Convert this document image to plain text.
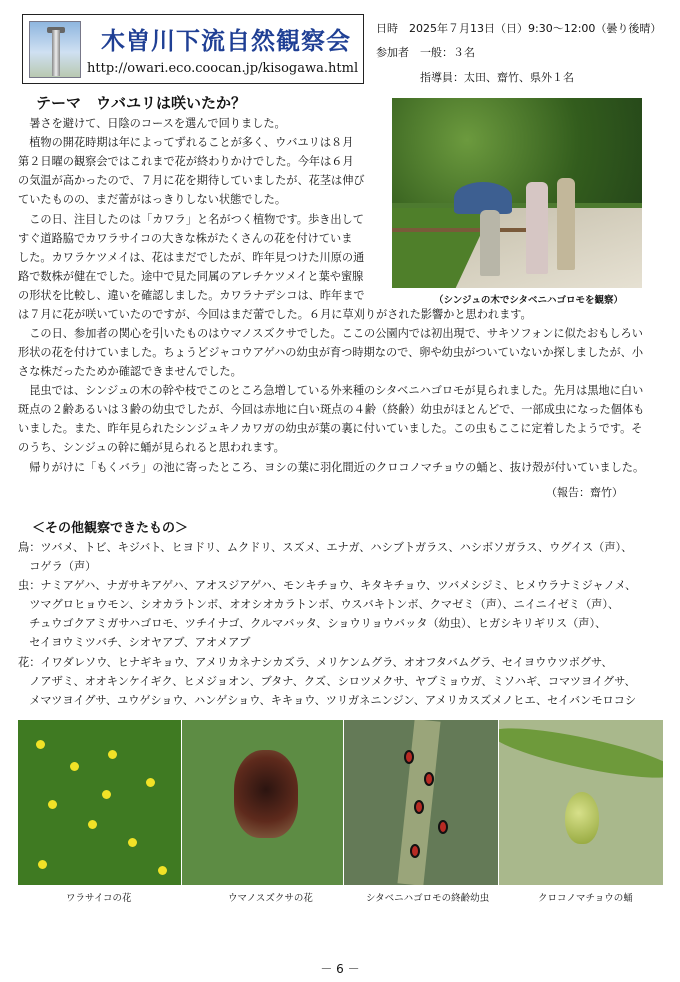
木曽川下流自然観察会
http://owari.eco.coocan.jp/kisogawa.html
日時　2025年７月13日（日）9:30～12:00（曇り後晴）
参加者　一般：３名
指導員：太田、齋竹、県外１名
テーマ　ウバユリは咲いたか？
（シンジュの木でシタベニハゴロモを観察）
　暑さを避けて、日陰のコースを選んで回りました。
　植物の開花時期は年によってずれることが多く、ウバユリは８月
第２日曜の観察会ではこれまで花が終わりかけでした。今年は６月
の気温が高かったので、７月に花を期待していましたが、花茎は伸び
ていたものの、まだ蕾がはっきりしない状態でした。
　この日、注目したのは「カワラ」と名がつく植物です。歩き出して
すぐ道路脇でカワラサイコの大きな株がたくさんの花を付けていま
した。カワラケツメイは、花はまだでしたが、昨年見つけた川原の通
路で数株が健在でした。途中で見た同属のアレチケツメイと葉や蜜腺
の形状を比較し、違いを確認しました。カワラナデシコは、昨年まで
は７月に花が咲いていたのですが、今回はまだ蕾でした。６月に草刈りがされた影響かと思われます。
　この日、参加者の関心を引いたものはウマノスズクサでした。ここの公園内では初出現で、サキソフォンに似たおもしろい
形状の花を付けていました。ちょうどジャコウアゲハの幼虫が育つ時期なので、卵や幼虫がついていないか探しましたが、小
さな株だったためか確認できませんでした。
　昆虫では、シンジュの木の幹や枝でこのところ急増している外来種のシタベニハゴロモが見られました。先月は黒地に白い
斑点の２齢あるいは３齢の幼虫でしたが、今回は赤地に白い斑点の４齢（終齢）幼虫がほとんどで、一部成虫になった個体も
いました。また、昨年見られたシンジュキノカワガの幼虫が葉の裏に付いていました。この虫もここに定着したようです。そ
のうち、シンジュの幹に蛹が見られると思われます。
　帰りがけに「もくバラ」の池に寄ったところ、ヨシの葉に羽化間近のクロコノマチョウの蛹と、抜け殻が付いていました。
（報告：齋竹）
＜その他観察できたもの＞
鳥：ツバメ、トビ、キジバト、ヒヨドリ、ムクドリ、スズメ、エナガ、ハシブトガラス、ハシボソガラス、ウグイス（声）、
　コゲラ（声）
虫：ナミアゲハ、ナガサキアゲハ、アオスジアゲハ、モンキチョウ、キタキチョウ、ツバメシジミ、ヒメウラナミジャノメ、
　ツマグロヒョウモン、シオカラトンボ、オオシオカラトンボ、ウスバキトンボ、クマゼミ（声）、ニイニイゼミ（声）、
　チュウゴクアミガサハゴロモ、ツチイナゴ、クルマバッタ、ショウリョウバッタ（幼虫）、ヒガシキリギリス（声）、
　セイヨウミツバチ、シオヤアブ、アオメアブ
花：イワダレソウ、ヒナギキョウ、アメリカネナシカズラ、メリケンムグラ、オオフタバムグラ、セイヨウウツボグサ、
　ノアザミ、オオキンケイギク、ヒメジョオン、ブタナ、クズ、シロツメクサ、ヤブミョウガ、ミソハギ、コマツヨイグサ、
　メマツヨイグサ、ユウゲショウ、ハンゲショウ、キキョウ、ツリガネニンジン、アメリカスズメノヒエ、セイバンモロコシ
ワラサイコの花	ウマノスズクサの花	シタベニハゴロモの終齢幼虫	クロコノマチョウの蛹
－ 6 －
